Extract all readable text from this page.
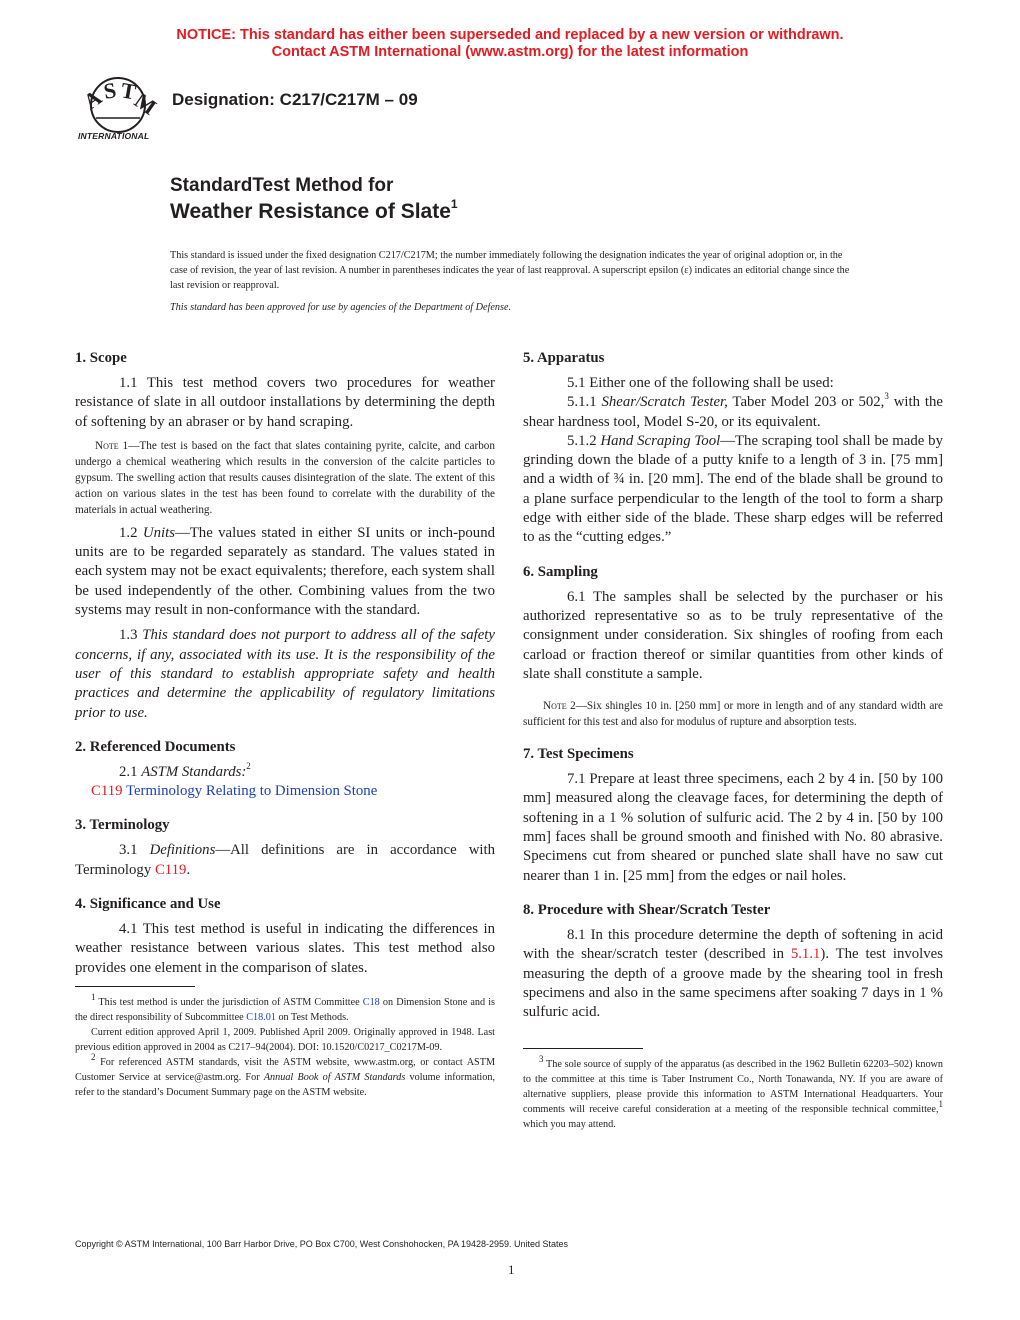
NOTICE: This standard has either been superseded and replaced by a new version or withdrawn.
Contact ASTM International (www.astm.org) for the latest information
A
S T
M
INTERNATIONAL
Designation: C217/C217M – 09
StandardTest Method for
Weather Resistance of Slate$^1$

This standard is issued under the fixed designation C217/C217M; the number immediately following the designation indicates the year of original adoption or, in the case of revision, the year of last revision. A number in parentheses indicates the year of last reapproval. A superscript epsilon (ε) indicates an editorial change since the last revision or reapproval.

This standard has been approved for use by agencies of the Department of Defense.

1. Scope

1.1 This test method covers two procedures for weather resistance of slate in all outdoor installations by determining the depth of softening by an abraser or by hand scraping.

Note 1—The test is based on the fact that slates containing pyrite, calcite, and carbon undergo a chemical weathering which results in the conversion of the calcite particles to gypsum. The swelling action that results causes disintegration of the slate. The extent of this action on various slates in the test has been found to correlate with the durability of the materials in actual weathering.

1.2 Units—The values stated in either SI units or inch-pound units are to be regarded separately as standard. The values stated in each system may not be exact equivalents; therefore, each system shall be used independently of the other. Combining values from the two systems may result in non-conformance with the standard.

1.3 This standard does not purport to address all of the safety concerns, if any, associated with its use. It is the responsibility of the user of this standard to establish appropriate safety and health practices and determine the applicability of regulatory limitations prior to use.

2. Referenced Documents

2.1 ASTM Standards:$^2$

C119 Terminology Relating to Dimension Stone

3. Terminology

3.1 Definitions—All definitions are in accordance with Terminology C119.

4. Significance and Use

4.1 This test method is useful in indicating the differences in weather resistance between various slates. This test method also provides one element in the comparison of slates.

$^1$ This test method is under the jurisdiction of ASTM Committee C18 on Dimension Stone and is the direct responsibility of Subcommittee C18.01 on Test Methods.

Current edition approved April 1, 2009. Published April 2009. Originally approved in 1948. Last previous edition approved in 2004 as C217–94(2004). DOI: 10.1520/C0217_C0217M-09.

$^2$ For referenced ASTM standards, visit the ASTM website, www.astm.org, or contact ASTM Customer Service at service@astm.org. For Annual Book of ASTM Standards volume information, refer to the standard’s Document Summary page on the ASTM website.

5. Apparatus

5.1 Either one of the following shall be used:

5.1.1 Shear/Scratch Tester, Taber Model 203 or 502,$^3$ with the shear hardness tool, Model S-20, or its equivalent.

5.1.2 Hand Scraping Tool—The scraping tool shall be made by grinding down the blade of a putty knife to a length of 3 in. [75 mm] and a width of ¾ in. [20 mm]. The end of the blade shall be ground to a plane surface perpendicular to the length of the tool to form a sharp edge with either side of the blade. These sharp edges will be referred to as the “cutting edges.”

6. Sampling

6.1 The samples shall be selected by the purchaser or his authorized representative so as to be truly representative of the consignment under consideration. Six shingles of roofing from each carload or fraction thereof or similar quantities from other kinds of slate shall constitute a sample.

Note 2—Six shingles 10 in. [250 mm] or more in length and of any standard width are sufficient for this test and also for modulus of rupture and absorption tests.

7. Test Specimens

7.1 Prepare at least three specimens, each 2 by 4 in. [50 by 100 mm] measured along the cleavage faces, for determining the depth of softening in a 1 % solution of sulfuric acid. The 2 by 4 in. [50 by 100 mm] faces shall be ground smooth and finished with No. 80 abrasive. Specimens cut from sheared or punched slate shall have no saw cut nearer than 1 in. [25 mm] from the edges or nail holes.

8. Procedure with Shear/Scratch Tester

8.1 In this procedure determine the depth of softening in acid with the shear/scratch tester (described in 5.1.1). The test involves measuring the depth of a groove made by the shearing tool in fresh specimens and also in the same specimens after soaking 7 days in 1 % sulfuric acid.

$^3$ The sole source of supply of the apparatus (as described in the 1962 Bulletin 62203–502) known to the committee at this time is Taber Instrument Co., North Tonawanda, NY. If you are aware of alternative suppliers, please provide this information to ASTM International Headquarters. Your comments will receive careful consideration at a meeting of the responsible technical committee,$^1$ which you may attend.

Copyright © ASTM International, 100 Barr Harbor Drive, PO Box C700, West Conshohocken, PA 19428-2959. United States
1
